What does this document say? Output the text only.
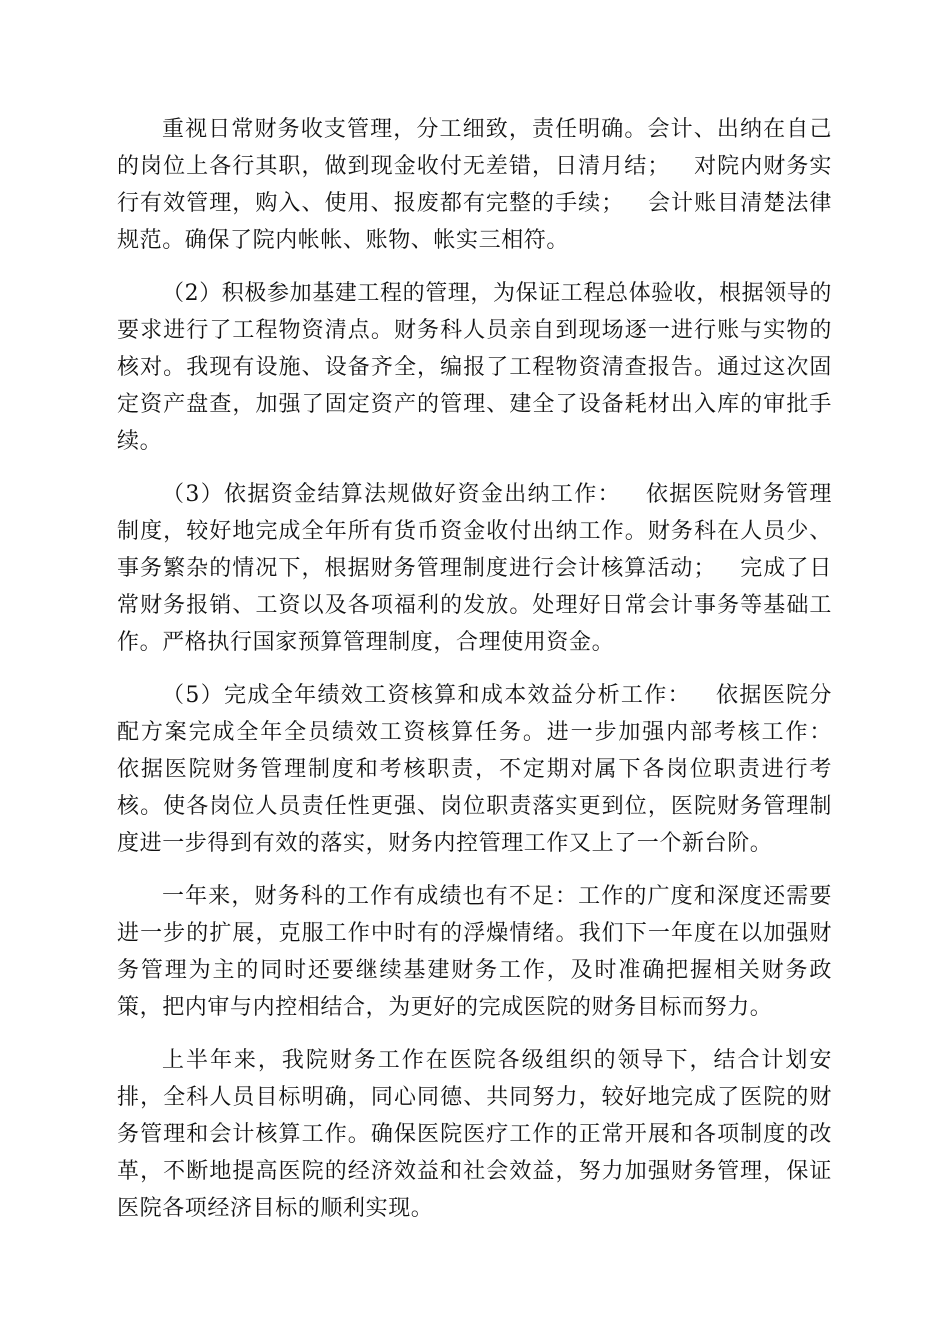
重视日常财务收支管理，分工细致，责任明确。会计、出纳在自己的岗位上各行其职，做到现金收付无差错，日清月结；   对院内财务实行有效管理，购入、使用、报废都有完整的手续；   会计账目清楚法律规范。确保了院内帐帐、账物、帐实三相符。

（2）积极参加基建工程的管理，为保证工程总体验收，根据领导的要求进行了工程物资清点。财务科人员亲自到现场逐一进行账与实物的核对。我现有设施、设备齐全，编报了工程物资清查报告。通过这次固定资产盘查，加强了固定资产的管理、建全了设备耗材出入库的审批手续。

（3）依据资金结算法规做好资金出纳工作：   依据医院财务管理制度，较好地完成全年所有货币资金收付出纳工作。财务科在人员少、事务繁杂的情况下，根据财务管理制度进行会计核算活动；   完成了日常财务报销、工资以及各项福利的发放。处理好日常会计事务等基础工作。严格执行国家预算管理制度，合理使用资金。

（5）完成全年绩效工资核算和成本效益分析工作：   依据医院分配方案完成全年全员绩效工资核算任务。进一步加强内部考核工作：   依据医院财务管理制度和考核职责，不定期对属下各岗位职责进行考核。使各岗位人员责任性更强、岗位职责落实更到位，医院财务管理制度进一步得到有效的落实，财务内控管理工作又上了一个新台阶。

一年来，财务科的工作有成绩也有不足：工作的广度和深度还需要进一步的扩展，克服工作中时有的浮燥情绪。我们下一年度在以加强财务管理为主的同时还要继续基建财务工作，及时准确把握相关财务政策，把内审与内控相结合，为更好的完成医院的财务目标而努力。

上半年来，我院财务工作在医院各级组织的领导下，结合计划安排，全科人员目标明确，同心同德、共同努力，较好地完成了医院的财务管理和会计核算工作。确保医院医疗工作的正常开展和各项制度的改革，不断地提高医院的经济效益和社会效益，努力加强财务管理，保证医院各项经济目标的顺利实现。
